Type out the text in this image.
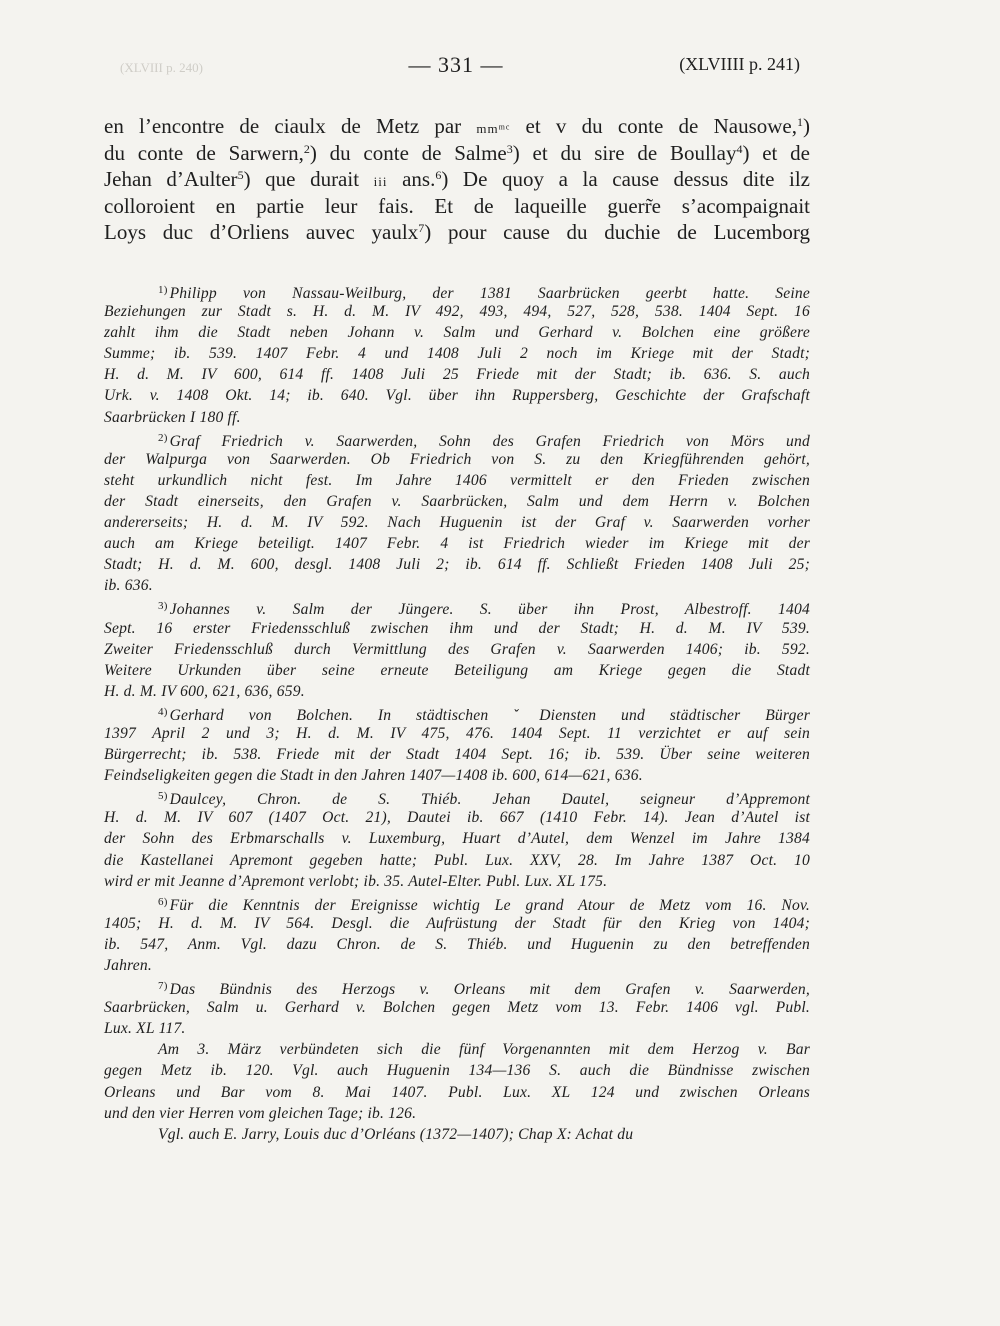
(XLVIII p. 240)	— 331 —	(XLVIIII p. 241)
en l’encontre de ciaulx de Metz par mmᵐᶜ et v du conte de Nausowe,$^1$)
du conte de Sarwern,$^2$) du conte de Salme$^3$) et du sire de Boullay$^4$) et de
Jehan d’Aulter$^5$) que durait iii ans.$^6$) De quoy a la cause dessus dite ilz
colloroient en partie leur fais. Et de laqueille guerr̃e s’acompaignait
Loys duc d’Orliens auvec yaulx$^7$) pour cause du duchie de Lucemborg
$^{1)}$ Philipp von Nassau-Weilburg, der 1381 Saarbrücken geerbt hatte. Seine
Beziehungen zur Stadt s. H. d. M. IV 492, 493, 494, 527, 528, 538. 1404 Sept. 16
zahlt ihm die Stadt neben Johann v. Salm und Gerhard v. Bolchen eine größere
Summe; ib. 539. 1407 Febr. 4 und 1408 Juli 2 noch im Kriege mit der Stadt;
H. d. M. IV 600, 614 ff. 1408 Juli 25 Friede mit der Stadt; ib. 636. S. auch
Urk. v. 1408 Okt. 14; ib. 640. Vgl. über ihn Ruppersberg, Geschichte der Grafschaft
Saarbrücken I 180 ff.
$^{2)}$ Graf Friedrich v. Saarwerden, Sohn des Grafen Friedrich von Mörs und
der Walpurga von Saarwerden. Ob Friedrich von S. zu den Kriegführenden gehört,
steht urkundlich nicht fest. Im Jahre 1406 vermittelt er den Frieden zwischen
der Stadt einerseits, den Grafen v. Saarbrücken, Salm und dem Herrn v. Bolchen
andererseits; H. d. M. IV 592. Nach Huguenin ist der Graf v. Saarwerden vorher
auch am Kriege beteiligt. 1407 Febr. 4 ist Friedrich wieder im Kriege mit der
Stadt; H. d. M. 600, desgl. 1408 Juli 2; ib. 614 ff. Schließt Frieden 1408 Juli 25;
ib. 636.
$^{3)}$ Johannes v. Salm der Jüngere. S. über ihn Prost, Albestroff. 1404
Sept. 16 erster Friedensschluß zwischen ihm und der Stadt; H. d. M. IV 539.
Zweiter Friedensschluß durch Vermittlung des Grafen v. Saarwerden 1406; ib. 592.
Weitere Urkunden über seine erneute Beteiligung am Kriege gegen die Stadt
H. d. M. IV 600, 621, 636, 659.
$^{4)}$ Gerhard von Bolchen. In städtischen ˇDiensten und städtischer Bürger
1397 April 2 und 3; H. d. M. IV 475, 476. 1404 Sept. 11 verzichtet er auf sein
Bürgerrecht; ib. 538. Friede mit der Stadt 1404 Sept. 16; ib. 539. Über seine weiteren
Feindseligkeiten gegen die Stadt in den Jahren 1407—1408 ib. 600, 614—621, 636.
$^{5)}$ Daulcey, Chron. de S. Thiéb. Jehan Dautel, seigneur d’Appremont
H. d. M. IV 607 (1407 Oct. 21), Dautei ib. 667 (1410 Febr. 14). Jean d’Autel ist
der Sohn des Erbmarschalls v. Luxemburg, Huart d’Autel, dem Wenzel im Jahre 1384
die Kastellanei Apremont gegeben hatte; Publ. Lux. XXV, 28. Im Jahre 1387 Oct. 10
wird er mit Jeanne d’Apremont verlobt; ib. 35. Autel-Elter. Publ. Lux. XL 175.
$^{6)}$ Für die Kenntnis der Ereignisse wichtig Le grand Atour de Metz vom 16. Nov.
1405; H. d. M. IV 564. Desgl. die Aufrüstung der Stadt für den Krieg von 1404;
ib. 547, Anm. Vgl. dazu Chron. de S. Thiéb. und Huguenin zu den betreffenden
Jahren.
$^{7)}$ Das Bündnis des Herzogs v. Orleans mit dem Grafen v. Saarwerden,
Saarbrücken, Salm u. Gerhard v. Bolchen gegen Metz vom 13. Febr. 1406 vgl. Publ.
Lux. XL 117.
Am 3. März verbündeten sich die fünf Vorgenannten mit dem Herzog v. Bar
gegen Metz ib. 120. Vgl. auch Huguenin 134—136 S. auch die Bündnisse zwischen
Orleans und Bar vom 8. Mai 1407. Publ. Lux. XL 124 und zwischen Orleans
und den vier Herren vom gleichen Tage; ib. 126.
Vgl. auch E. Jarry, Louis duc d’Orléans (1372—1407); Chap X: Achat du
